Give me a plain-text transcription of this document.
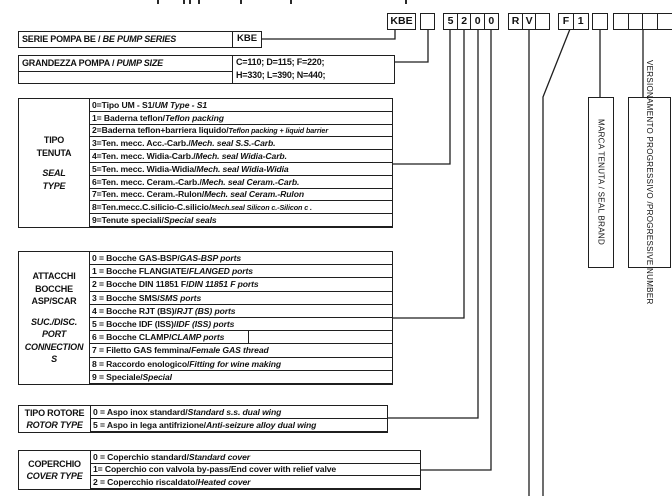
KBE	5 2 0 0	R V	F 1
SERIE POMPA BE / BE PUMP SERIES	KBE
GRANDEZZA POMPA / PUMP SIZE	C=110; D=115; F=220;
H=330; L=390; N=440;
TIPO
TENUTA
SEAL
TYPE
0=Tipo UM - S1 / UM Type - S1
1= Baderna teflon / Teflon packing
2=Baderna teflon+barriera liquido / Teflon packing + liquid barrier
3=Ten. mecc. Acc.-Carb. / Mech. seal S.S.-Carb.
4=Ten. mecc. Widia-Carb. / Mech. seal Widia-Carb.
5=Ten. mecc. Widia-Widia / Mech. seal Widia-Widia
6=Ten. mecc. Ceram.-Carb. / Mech. seal Ceram.-Carb.
7=Ten. mecc. Ceram.-Rulon / Mech. seal Ceram.-Rulon
8=Ten.mecc.C.silicio-C.silicio / Mech.seal Silicon c.-Silicon c .
9=Tenute speciali / Special seals
ATTACCHI
BOCCHE
ASP/SCAR
SUC./DISC.
PORT
CONNECTION
S
0 = Bocche GAS-BSP / GAS-BSP ports
1 = Bocche FLANGIATE / FLANGED ports
2 = Bocche DIN 11851 F / DIN 11851 F ports
3 = Bocche SMS / SMS ports
4 = Bocche RJT (BS) / RJT (BS) ports
5 = Bocche IDF (ISS) / IDF (ISS) ports
6 = Bocche CLAMP / CLAMP ports
7 = Filetto GAS femmina / Female GAS thread
8 = Raccordo enologico / Fitting for wine making
9 = Speciale / Special
TIPO ROTORE
ROTOR TYPE
0 = Aspo inox standard / Standard s.s. dual wing
5 = Aspo in lega antifrizione / Anti-seizure alloy dual wing
COPERCHIO
COVER TYPE
0 = Coperchio standard / Standard cover
1= Coperchio con valvola by-pass / End cover with relief valve
2 = Copercchio riscaldato / Heated cover
MARCA TENUTA / SEAL BRAND	VERSIONAMENTO PROGRESSIVO /
PROGRESSIVE NUMBER
